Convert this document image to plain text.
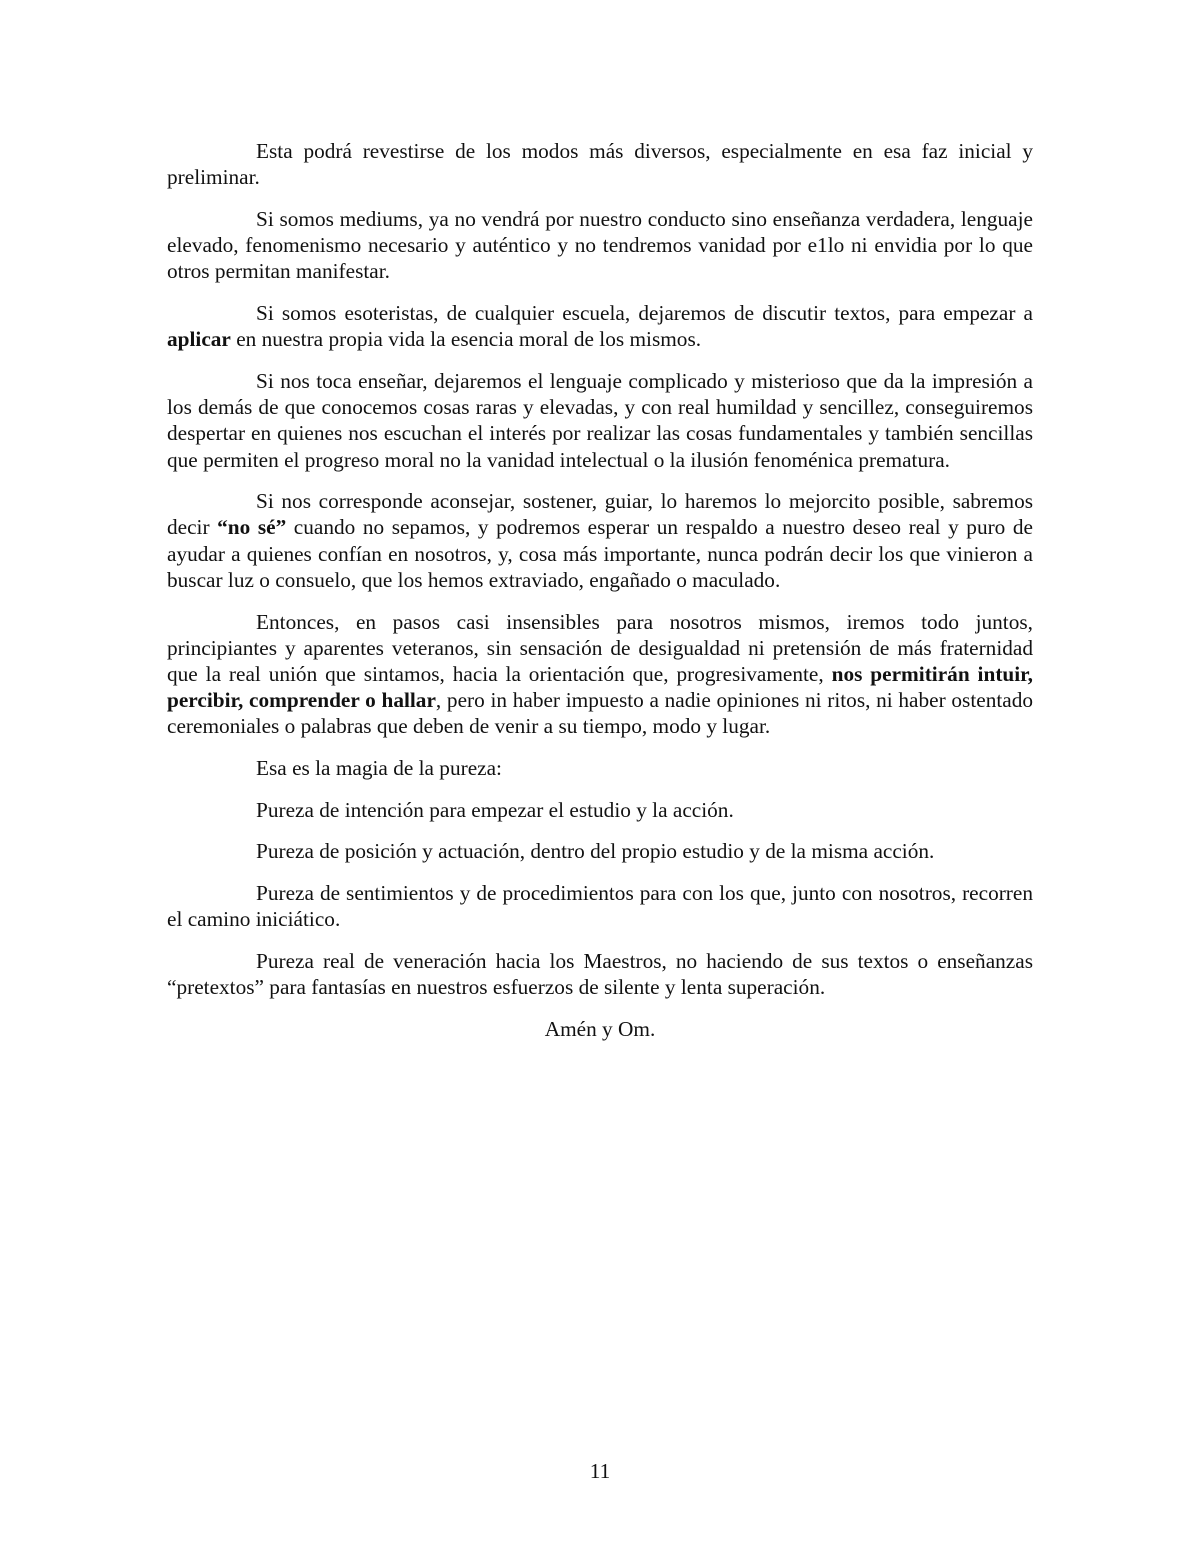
Esta podrá revestirse de los modos más diversos, especialmente en esa faz inicial y preliminar.

Si somos mediums, ya no vendrá por nuestro conducto sino enseñanza verdadera, lenguaje elevado, fenomenismo necesario y auténtico y no tendremos vanidad por e1lo ni envidia por lo que otros permitan manifestar.

Si somos esoteristas, de cualquier escuela, dejaremos de discutir textos, para empezar a aplicar en nuestra propia vida la esencia moral de los mismos.

Si nos toca enseñar, dejaremos el lenguaje complicado y misterioso que da la impresión a los demás de que conocemos cosas raras y elevadas, y con real humildad y sencillez, conseguiremos despertar en quienes nos escuchan el interés por realizar las cosas fundamentales y también sencillas que permiten el progreso moral no la vanidad intelectual o la ilusión fenoménica prematura.

Si nos corresponde aconsejar, sostener, guiar, lo haremos lo mejorcito posible, sabremos decir “no sé” cuando no sepamos, y podremos esperar un respaldo a nuestro deseo real y puro de ayudar a quienes confían en nosotros, y, cosa más importante, nunca podrán decir los que vinieron a buscar luz o consuelo, que los hemos extraviado, engañado o maculado.

Entonces, en pasos casi insensibles para nosotros mismos, iremos todo juntos, principiantes y aparentes veteranos, sin sensación de desigualdad ni pretensión de más fraternidad que la real unión que sintamos, hacia la orientación que, progresivamente, nos permitirán intuir, percibir, comprender o hallar, pero in haber impuesto a nadie opiniones ni ritos, ni haber ostentado ceremoniales o palabras que deben de venir a su tiempo, modo y lugar.

Esa es la magia de la pureza:

Pureza de intención para empezar el estudio y la acción.

Pureza de posición y actuación, dentro del propio estudio y de la misma acción.

Pureza de sentimientos y de procedimientos para con los que, junto con nosotros, recorren el camino iniciático.

Pureza real de veneración hacia los Maestros, no haciendo de sus textos o enseñanzas “pretextos” para fantasías en nuestros esfuerzos de silente y lenta superación.

Amén y Om.

11
